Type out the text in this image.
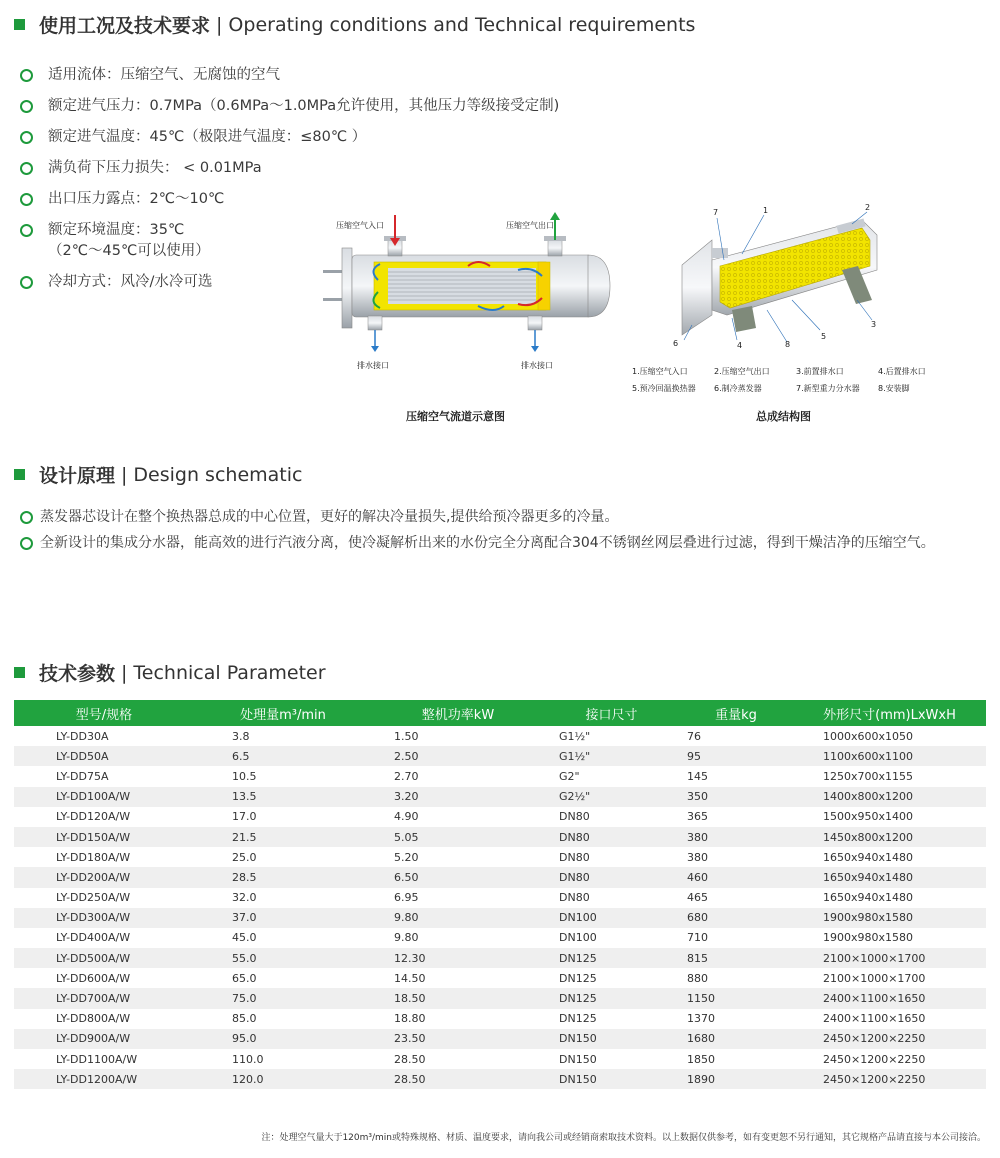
使用工况及技术要求 | Operating conditions and Technical requirements
适用流体：压缩空气、无腐蚀的空气
额定进气压力：0.7MPa（0.6MPa～1.0MPa允许使用，其他压力等级接受定制)
额定进气温度：45℃（极限进气温度：≤80℃ ）
满负荷下压力损失： < 0.01MPa
出口压力露点：2℃～10℃
额定环境温度：35℃
（2℃～45℃可以使用）
冷却方式：风冷/水冷可选
压缩空气入口	压缩空气出口
排水接口	排水接口
压缩空气流道示意图
7	1	2
3
5
8
4
6
1.压缩空气入口	2.压缩空气出口	3.前置排水口	4.后置排水口
5.预冷回温换热器	6.制冷蒸发器	7.新型重力分水器	8.安装脚
总成结构图
设计原理 | Design schematic
蒸发器芯设计在整个换热器总成的中心位置，更好的解决冷量损失,提供给预冷器更多的冷量。
全新设计的集成分水器，能高效的进行汽液分离，使冷凝解析出来的水份完全分离配合304不锈钢丝网层叠进行过滤，得到干燥洁净的压缩空气。
技术参数 | Technical Parameter
型号/规格	处理量m³/min	整机功率kW	接口尺寸	重量kg	外形尺寸(mm)LxWxH
LY-DD30A	3.8	1.50	G1½"	76	1000x600x1050
LY-DD50A	6.5	2.50	G1½"	95	1100x600x1100
LY-DD75A	10.5	2.70	G2"	145	1250x700x1155
LY-DD100A/W	13.5	3.20	G2½"	350	1400x800x1200
LY-DD120A/W	17.0	4.90	DN80	365	1500x950x1400
LY-DD150A/W	21.5	5.05	DN80	380	1450x800x1200
LY-DD180A/W	25.0	5.20	DN80	380	1650x940x1480
LY-DD200A/W	28.5	6.50	DN80	460	1650x940x1480
LY-DD250A/W	32.0	6.95	DN80	465	1650x940x1480
LY-DD300A/W	37.0	9.80	DN100	680	1900x980x1580
LY-DD400A/W	45.0	9.80	DN100	710	1900x980x1580
LY-DD500A/W	55.0	12.30	DN125	815	2100×1000×1700
LY-DD600A/W	65.0	14.50	DN125	880	2100×1000×1700
LY-DD700A/W	75.0	18.50	DN125	1150	2400×1100×1650
LY-DD800A/W	85.0	18.80	DN125	1370	2400×1100×1650
LY-DD900A/W	95.0	23.50	DN150	1680	2450×1200×2250
LY-DD1100A/W	110.0	28.50	DN150	1850	2450×1200×2250
LY-DD1200A/W	120.0	28.50	DN150	1890	2450×1200×2250
注：处理空气量大于120m³/min或特殊规格、材质、温度要求，请向我公司或经销商索取技术资料。以上数据仅供参考，如有变更恕不另行通知，其它规格产品请直接与本公司接洽。
